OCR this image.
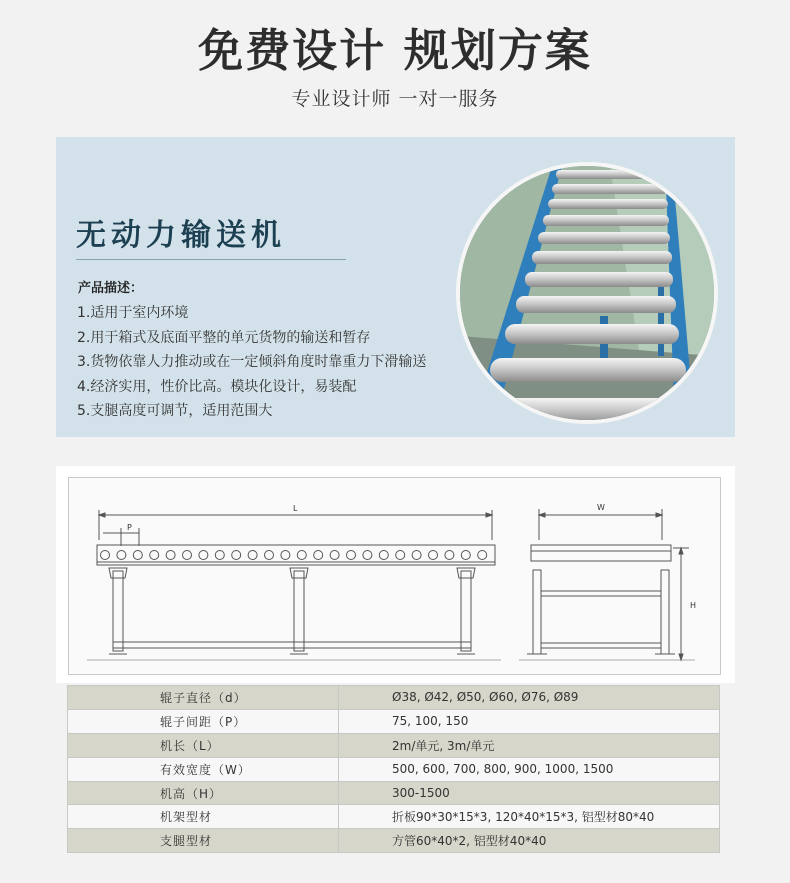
免费设计 规划方案
专业设计师 一对一服务
无动力输送机
产品描述：
1.适用于室内环境
2.用于箱式及底面平整的单元货物的输送和暂存
3.货物依靠人力推动或在一定倾斜角度时靠重力下滑输送
4.经济实用，性价比高。模块化设计，易装配
5.支腿高度可调节，适用范围大
L
P
W
H
辊子直径（d）	Ø38, Ø42, Ø50, Ø60, Ø76, Ø89
辊子间距（P）	75, 100, 150
机长（L）	2m/单元, 3m/单元
有效宽度（W）	500, 600, 700, 800, 900, 1000, 1500
机高（H）	300-1500
机架型材	折板90*30*15*3, 120*40*15*3, 铝型材80*40
支腿型材	方管60*40*2, 铝型材40*40
